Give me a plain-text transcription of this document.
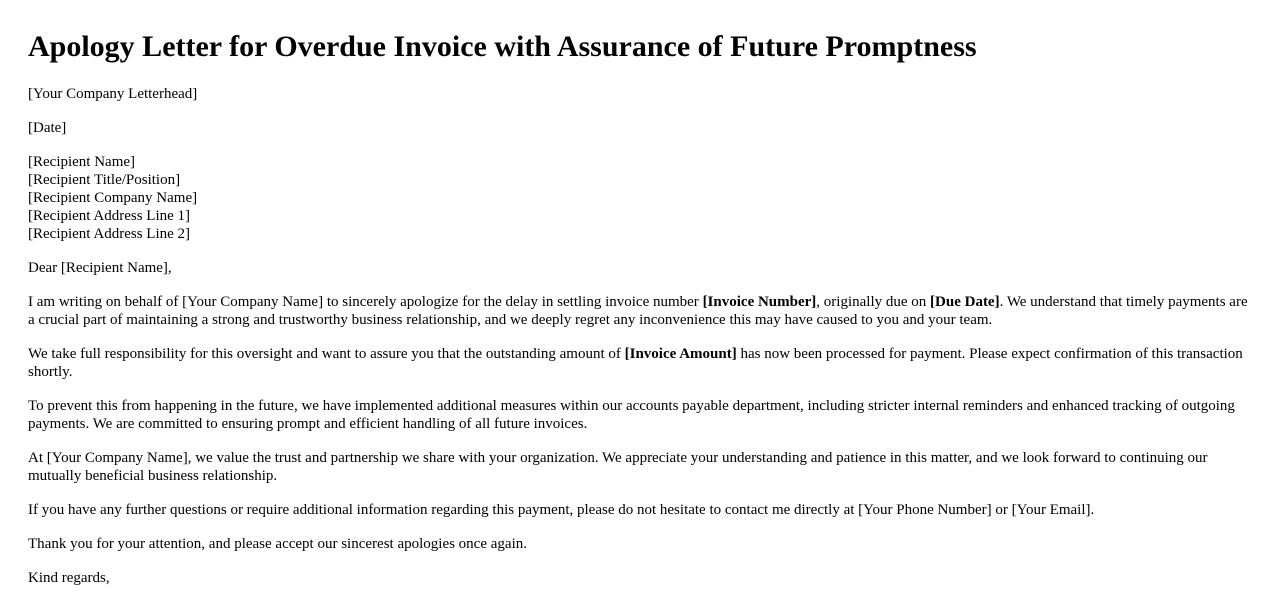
Apology Letter for Overdue Invoice with Assurance of Future Promptness

[Your Company Letterhead]

[Date]

[Recipient Name]
[Recipient Title/Position]
[Recipient Company Name]
[Recipient Address Line 1]
[Recipient Address Line 2]

Dear [Recipient Name],

I am writing on behalf of [Your Company Name] to sincerely apologize for the delay in settling invoice number [Invoice Number], originally due on [Due Date]. We understand that timely payments are a crucial part of maintaining a strong and trustworthy business relationship, and we deeply regret any inconvenience this may have caused to you and your team.

We take full responsibility for this oversight and want to assure you that the outstanding amount of [Invoice Amount] has now been processed for payment. Please expect confirmation of this transaction shortly.

To prevent this from happening in the future, we have implemented additional measures within our accounts payable department, including stricter internal reminders and enhanced tracking of outgoing payments. We are committed to ensuring prompt and efficient handling of all future invoices.

At [Your Company Name], we value the trust and partnership we share with your organization. We appreciate your understanding and patience in this matter, and we look forward to continuing our mutually beneficial business relationship.

If you have any further questions or require additional information regarding this payment, please do not hesitate to contact me directly at [Your Phone Number] or [Your Email].

Thank you for your attention, and please accept our sincerest apologies once again.

Kind regards,
